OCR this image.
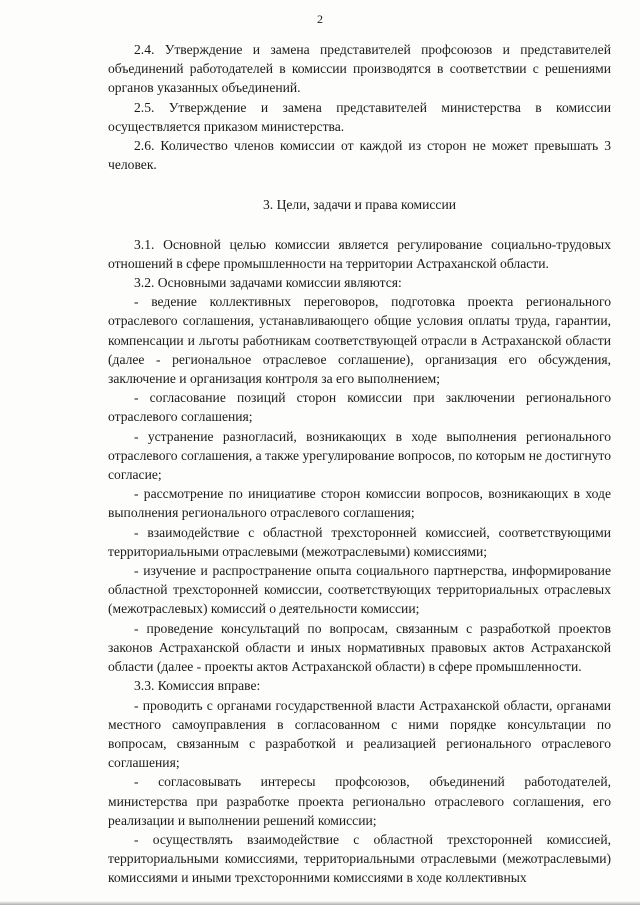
2

2.4. Утверждение и замена представителей профсоюзов и представителей объединений работодателей в комиссии производятся в соответствии с решениями органов указанных объединений.

2.5. Утверждение и замена представителей министерства в комиссии осуществляется приказом министерства.

2.6. Количество членов комиссии от каждой из сторон не может превышать 3 человек.

3. Цели, задачи и права комиссии

3.1. Основной целью комиссии является регулирование социально-трудовых отношений в сфере промышленности на территории Астраханской области.

3.2. Основными задачами комиссии являются:

- ведение коллективных переговоров, подготовка проекта регионального отраслевого соглашения, устанавливающего общие условия оплаты труда, гарантии, компенсации и льготы работникам соответствующей отрасли в Астраханской области (далее - региональное отраслевое соглашение), организация его обсуждения, заключение и организация контроля за его выполнением;

- согласование позиций сторон комиссии при заключении регионального отраслевого соглашения;

- устранение разногласий, возникающих в ходе выполнения регионального отраслевого соглашения, а также урегулирование вопросов, по которым не достигнуто согласие;

- рассмотрение по инициативе сторон комиссии вопросов, возникающих в ходе выполнения регионального отраслевого соглашения;

- взаимодействие с областной трехсторонней комиссией, соответствующими территориальными отраслевыми (межотраслевыми) комиссиями;

- изучение и распространение опыта социального партнерства, информирование областной трехсторонней комиссии, соответствующих территориальных отраслевых (межотраслевых) комиссий о деятельности комиссии;

- проведение консультаций по вопросам, связанным с разработкой проектов законов Астраханской области и иных нормативных правовых актов Астраханской области (далее - проекты актов Астраханской области) в сфере промышленности.

3.3. Комиссия вправе:

- проводить с органами государственной власти Астраханской области, органами местного самоуправления в согласованном с ними порядке консультации по вопросам, связанным с разработкой и реализацией регионального отраслевого соглашения;

- согласовывать интересы профсоюзов, объединений работодателей, министерства при разработке проекта регионально отраслевого соглашения, его реализации и выполнении решений комиссии;

- осуществлять взаимодействие с областной трехсторонней комиссией, территориальными комиссиями, территориальными отраслевыми (межотраслевыми) комиссиями и иными трехсторонними комиссиями в ходе коллективных
